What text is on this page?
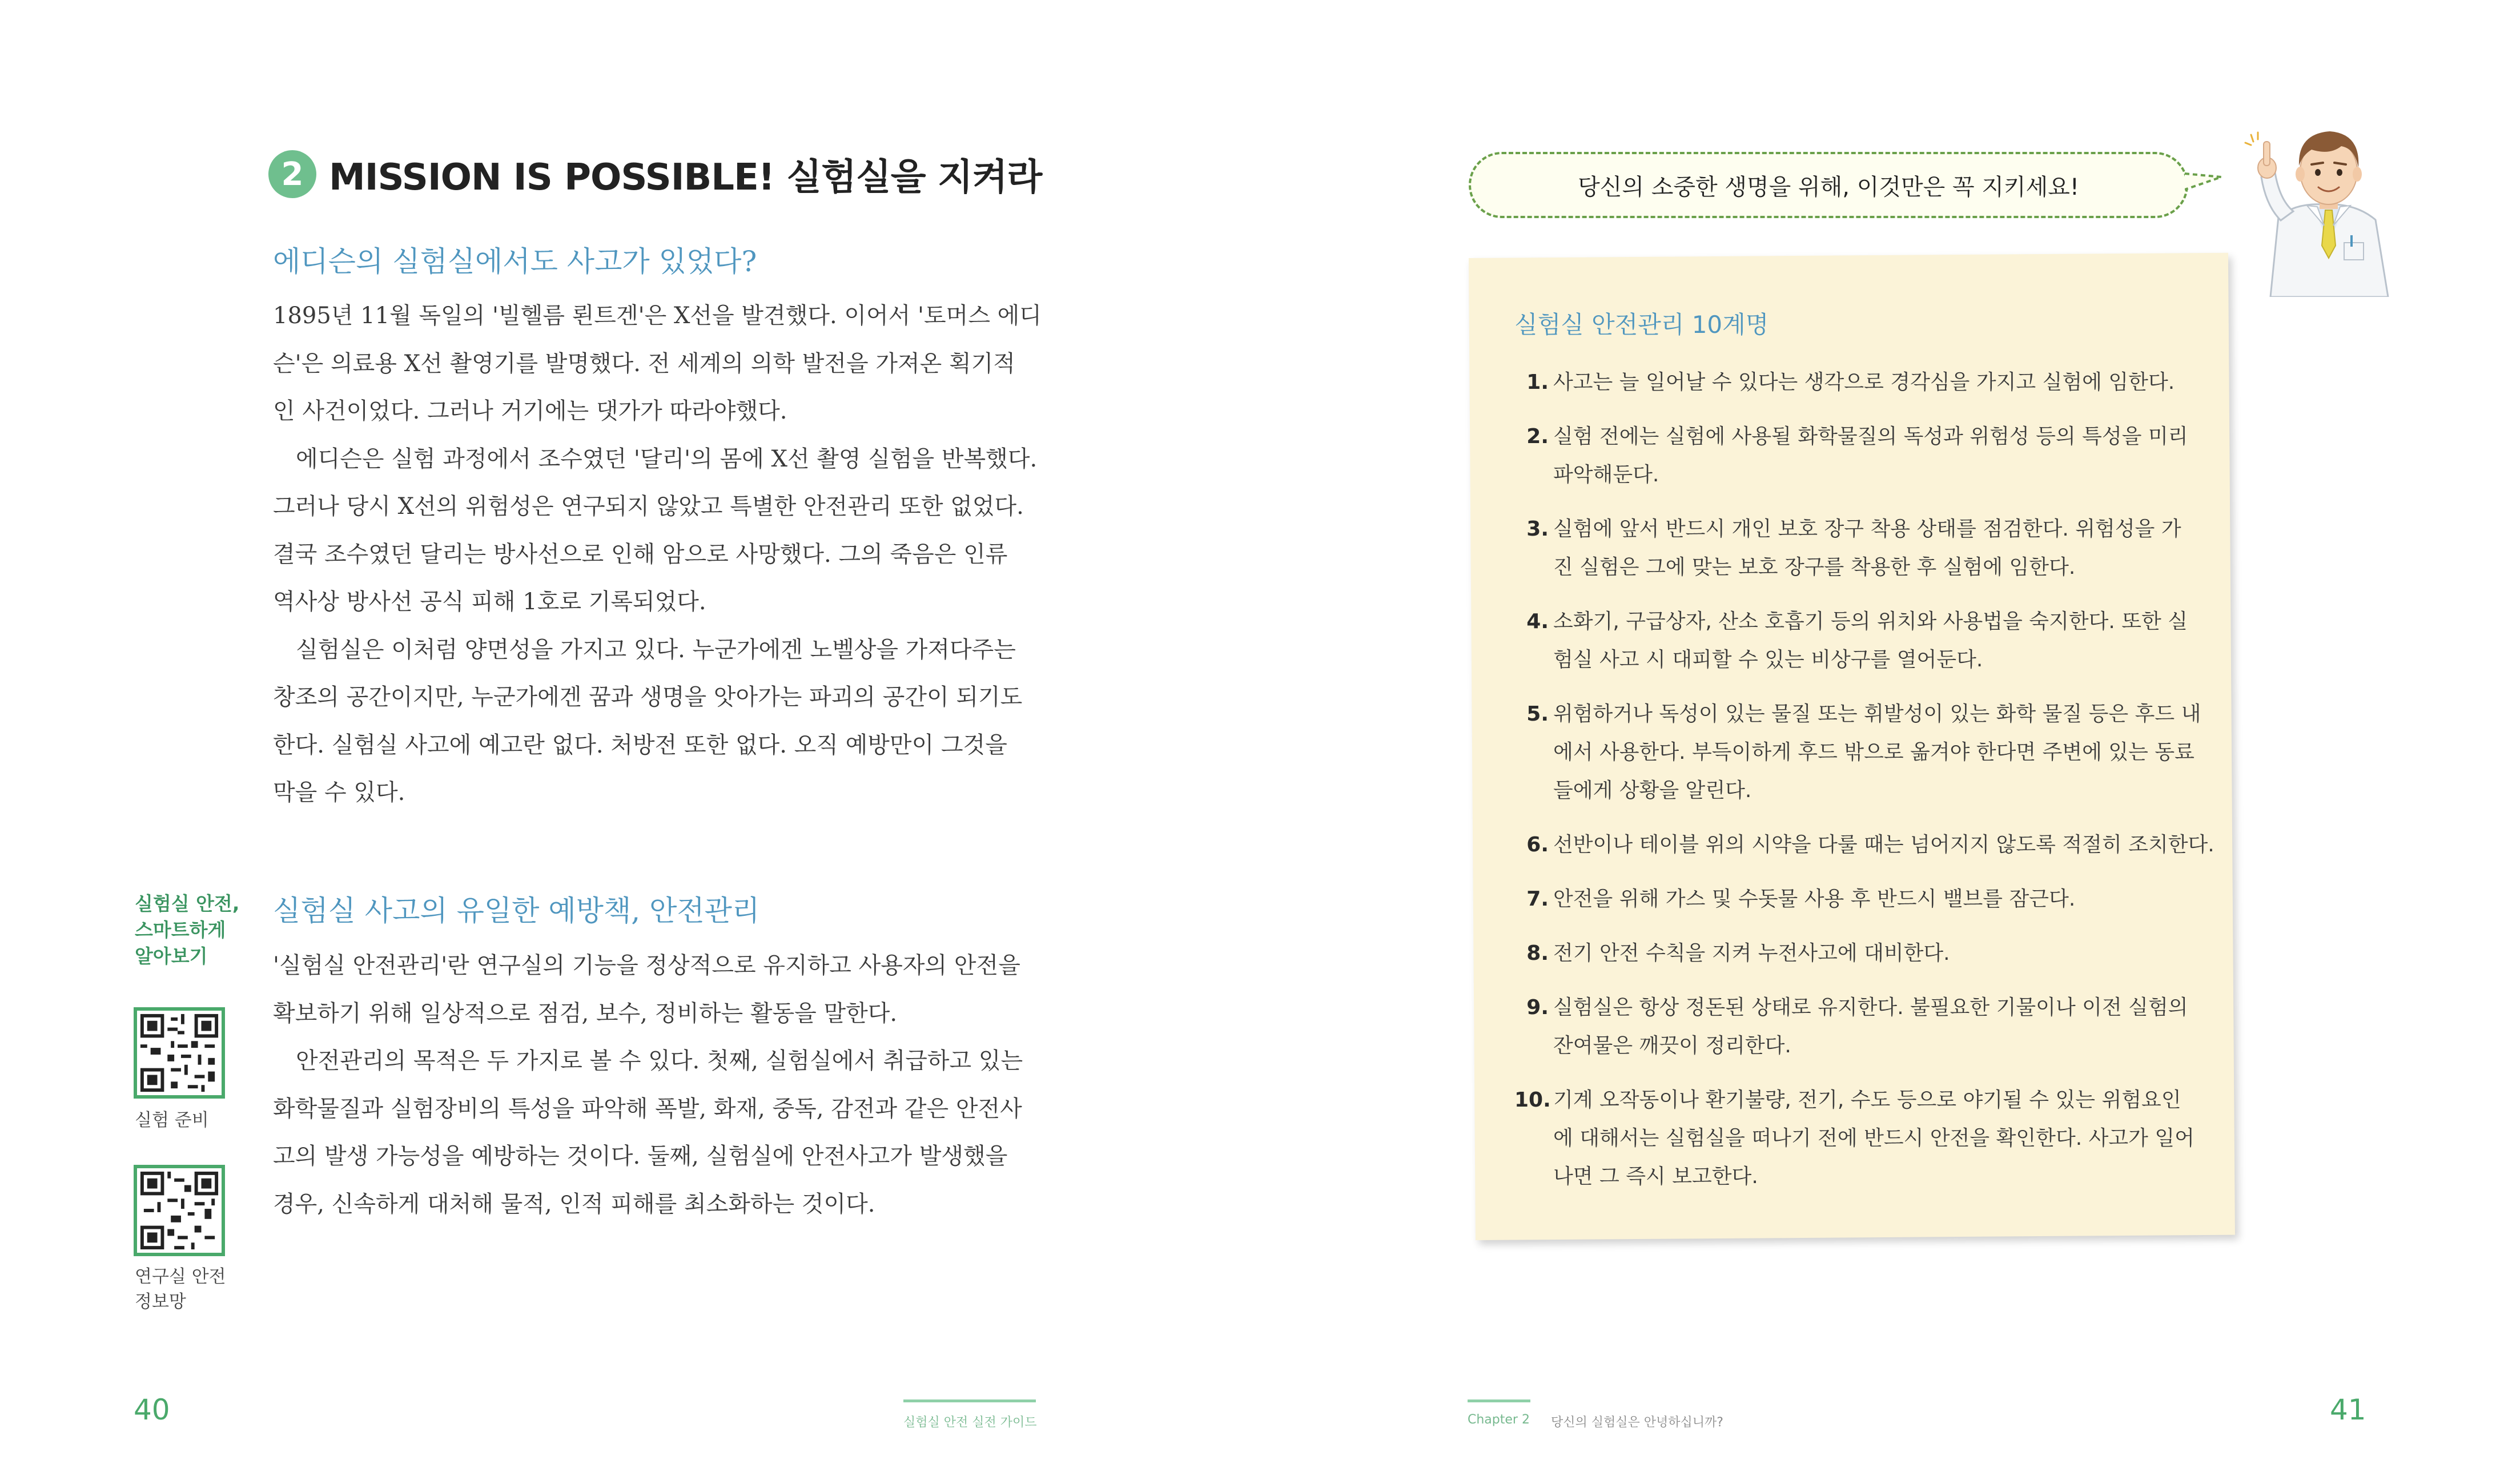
2 MISSION IS POSSIBLE! 실험실을 지켜라
에디슨의 실험실에서도 사고가 있었다?

1895년 11월 독일의 '빌헬름 뢴트겐'은 X선을 발견했다. 이어서 '토머스 에디
슨'은 의료용 X선 촬영기를 발명했다. 전 세계의 의학 발전을 가져온 획기적
인 사건이었다. 그러나 거기에는 댓가가 따라야했다.

에디슨은 실험 과정에서 조수였던 '달리'의 몸에 X선 촬영 실험을 반복했다.
그러나 당시 X선의 위험성은 연구되지 않았고 특별한 안전관리 또한 없었다.
결국 조수였던 달리는 방사선으로 인해 암으로 사망했다. 그의 죽음은 인류
역사상 방사선 공식 피해 1호로 기록되었다.

실험실은 이처럼 양면성을 가지고 있다. 누군가에겐 노벨상을 가져다주는
창조의 공간이지만, 누군가에겐 꿈과 생명을 앗아가는 파괴의 공간이 되기도
한다. 실험실 사고에 예고란 없다. 처방전 또한 없다. 오직 예방만이 그것을
막을 수 있다.

실험실 안전,
스마트하게
알아보기
실험 준비
연구실 안전
정보망
실험실 사고의 유일한 예방책, 안전관리

'실험실 안전관리'란 연구실의 기능을 정상적으로 유지하고 사용자의 안전을
확보하기 위해 일상적으로 점검, 보수, 정비하는 활동을 말한다.

안전관리의 목적은 두 가지로 볼 수 있다. 첫째, 실험실에서 취급하고 있는
화학물질과 실험장비의 특성을 파악해 폭발, 화재, 중독, 감전과 같은 안전사
고의 발생 가능성을 예방하는 것이다. 둘째, 실험실에 안전사고가 발생했을
경우, 신속하게 대처해 물적, 인적 피해를 최소화하는 것이다.

40	실험실 안전 실전 가이드
당신의 소중한 생명을 위해, 이것만은 꼭 지키세요!
실험실 안전관리 10계명
1. 사고는 늘 일어날 수 있다는 생각으로 경각심을 가지고 실험에 임한다.
2. 실험 전에는 실험에 사용될 화학물질의 독성과 위험성 등의 특성을 미리
파악해둔다.
3. 실험에 앞서 반드시 개인 보호 장구 착용 상태를 점검한다. 위험성을 가
진 실험은 그에 맞는 보호 장구를 착용한 후 실험에 임한다.
4. 소화기, 구급상자, 산소 호흡기 등의 위치와 사용법을 숙지한다. 또한 실
험실 사고 시 대피할 수 있는 비상구를 열어둔다.
5. 위험하거나 독성이 있는 물질 또는 휘발성이 있는 화학 물질 등은 후드 내
에서 사용한다. 부득이하게 후드 밖으로 옮겨야 한다면 주변에 있는 동료
들에게 상황을 알린다.
6. 선반이나 테이블 위의 시약을 다룰 때는 넘어지지 않도록 적절히 조치한다.
7. 안전을 위해 가스 및 수돗물 사용 후 반드시 밸브를 잠근다.
8. 전기 안전 수칙을 지켜 누전사고에 대비한다.
9. 실험실은 항상 정돈된 상태로 유지한다. 불필요한 기물이나 이전 실험의
잔여물은 깨끗이 정리한다.
10. 기계 오작동이나 환기불량, 전기, 수도 등으로 야기될 수 있는 위험요인
에 대해서는 실험실을 떠나기 전에 반드시 안전을 확인한다. 사고가 일어
나면 그 즉시 보고한다.
41
Chapter 2 당신의 실험실은 안녕하십니까?
